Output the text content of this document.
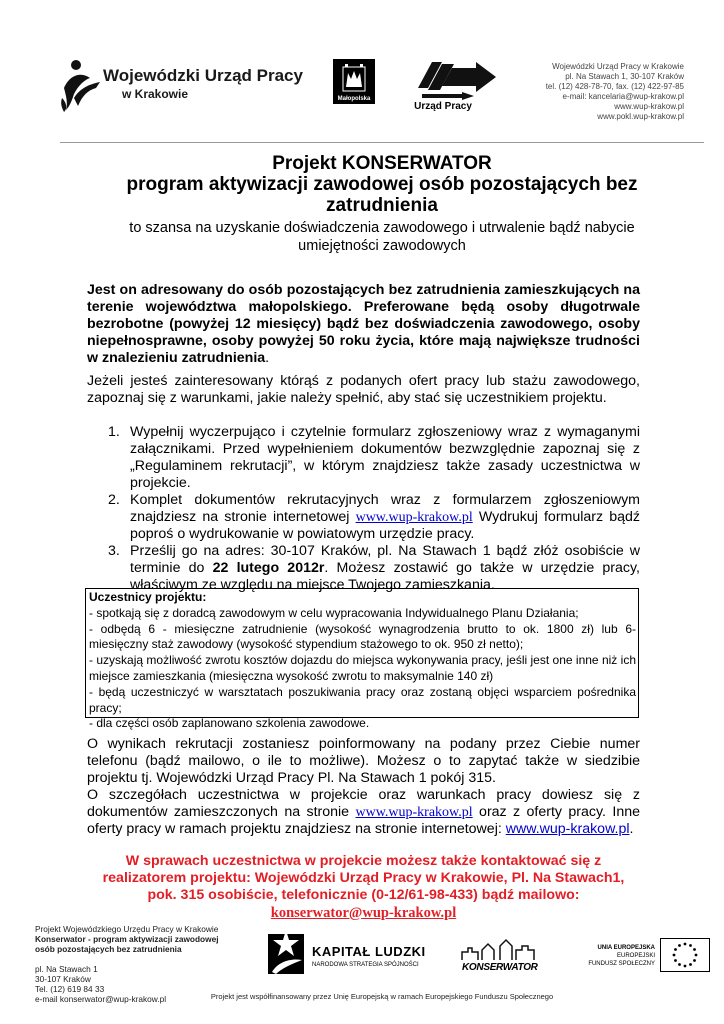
Wojewódzki Urząd Pracy
w Krakowie	Małopolska
Urząd Pracy
Wojewódzki Urząd Pracy w Krakowie
pl. Na Stawach 1, 30-107 Kraków
tel. (12) 428-78-70, fax. (12) 422-97-85
e-mail: kancelaria@wup-krakow.pl
www.wup-krakow.pl
www.pokl.wup-krakow.pl
Projekt KONSERWATOR
program aktywizacji zawodowej osób pozostających bez zatrudnienia
to szansa na uzyskanie doświadczenia zawodowego i utrwalenie bądź nabycie umiejętności zawodowych
Jest on adresowany do osób pozostających bez zatrudnienia zamieszkujących na terenie województwa małopolskiego. Preferowane będą osoby długotrwale bezrobotne (powyżej 12 miesięcy) bądź bez doświadczenia zawodowego, osoby niepełnosprawne, osoby powyżej 50 roku życia, które mają największe trudności w znalezieniu zatrudnienia.
Jeżeli jesteś zainteresowany którąś z podanych ofert pracy lub stażu zawodowego, zapoznaj się z warunkami, jakie należy spełnić, aby stać się uczestnikiem projektu.
1. Wypełnij wyczerpująco i czytelnie formularz zgłoszeniowy wraz z wymaganymi załącznikami. Przed wypełnieniem dokumentów bezwzględnie zapoznaj się z „Regulaminem rekrutacji”, w którym znajdziesz także zasady uczestnictwa w projekcie.
2. Komplet dokumentów rekrutacyjnych wraz z formularzem zgłoszeniowym znajdziesz na stronie internetowej www.wup-krakow.pl Wydrukuj formularz bądź poproś o wydrukowanie w powiatowym urzędzie pracy.
3. Prześlij go na adres: 30-107 Kraków, pl. Na Stawach 1 bądź złóż osobiście w terminie do 22 lutego 2012r. Możesz zostawić go także w urzędzie pracy, właściwym ze względu na miejsce Twojego zamieszkania.
Uczestnicy projektu:
- spotkają się z doradcą zawodowym w celu wypracowania Indywidualnego Planu Działania;
- odbędą 6 - miesięczne zatrudnienie (wysokość wynagrodzenia brutto to ok. 1800 zł) lub 6- miesięczny staż zawodowy (wysokość stypendium stażowego to ok. 950 zł netto);
- uzyskają możliwość zwrotu kosztów dojazdu do miejsca wykonywania pracy, jeśli jest one inne niż ich miejsce zamieszkania (miesięczna wysokość zwrotu to maksymalnie 140 zł)
- będą uczestniczyć w warsztatach poszukiwania pracy oraz zostaną objęci wsparciem pośrednika pracy;
- dla części osób zaplanowano szkolenia zawodowe.
O wynikach rekrutacji zostaniesz poinformowany na podany przez Ciebie numer telefonu (bądź mailowo, o ile to możliwe). Możesz o to zapytać także w siedzibie projektu tj. Wojewódzki Urząd Pracy Pl. Na Stawach 1 pokój 315.
O szczegółach uczestnictwa w projekcie oraz warunkach pracy dowiesz się z dokumentów zamieszczonych na stronie www.wup-krakow.pl oraz z oferty pracy. Inne oferty pracy w ramach projektu znajdziesz na stronie internetowej: www.wup-krakow.pl.
W sprawach uczestnictwa w projekcie możesz także kontaktować się z realizatorem projektu: Wojewódzki Urząd Pracy w Krakowie, Pl. Na Stawach1, pok. 315 osobiście, telefonicznie (0-12/61-98-433) bądź mailowo: konserwator@wup-krakow.pl
Projekt Wojewódzkiego Urzędu Pracy w Krakowie
Konserwator - program aktywizacji zawodowej
osób pozostających bez zatrudnienia
pl. Na Stawach 1
30-107 Kraków
Tel. (12) 619 84 33
e-mail konserwator@wup-krakow.pl
KAPITAŁ LUDZKI
NARODOWA STRATEGIA SPÓJNOŚCI	KONSERWATOR
UNIA EUROPEJSKA
EUROPEJSKI
FUNDUSZ SPOŁECZNY
Projekt jest współfinansowany przez Unię Europejską w ramach Europejskiego Funduszu Społecznego
